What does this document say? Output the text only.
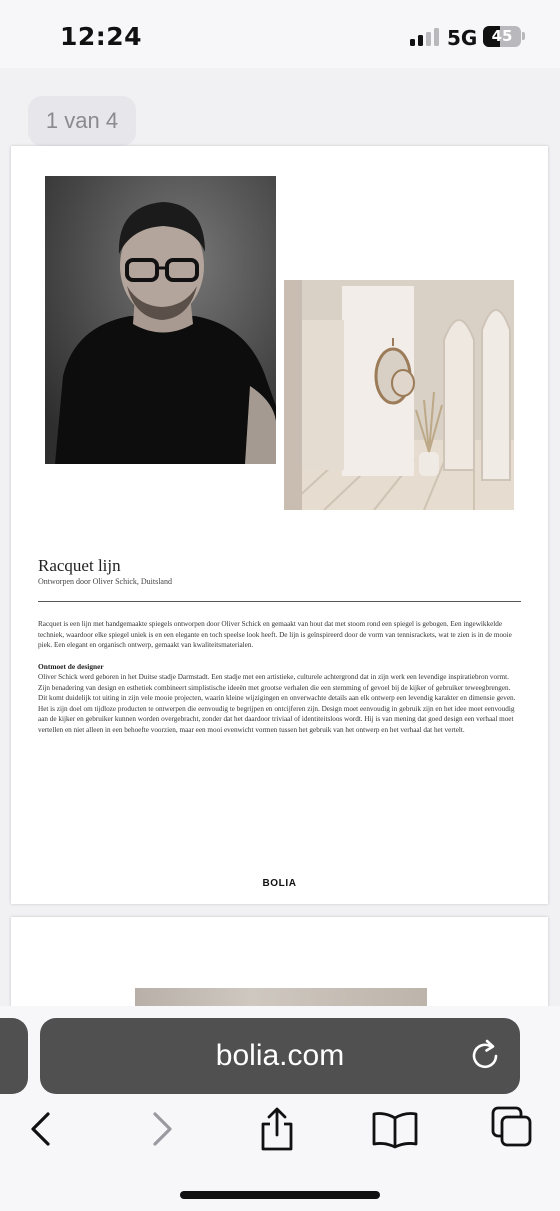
12:24	5G 45
1 van 4
Racquet lijn
Ontworpen door Oliver Schick, Duitsland
Racquet is een lijn met handgemaakte spiegels ontworpen door Oliver Schick en gemaakt van hout dat met stoom rond een spiegel is gebogen. Een ingewikkelde techniek, waardoor elke spiegel uniek is en een elegante en toch speelse look heeft. De lijn is geïnspireerd door de vorm van tennisrackets, wat te zien is in de mooie piek. Een elegant en organisch ontwerp, gemaakt van kwaliteitsmaterialen.
Ontmoet de designer
Oliver Schick werd geboren in het Duitse stadje Darmstadt. Een stadje met een artistieke, culturele achtergrond dat in zijn werk een levendige inspiratiebron vormt. Zijn benadering van design en esthetiek combineert simplistische ideeën met grootse verhalen die een stemming of gevoel bij de kijker of gebruiker teweegbrengen. Dit komt duidelijk tot uiting in zijn vele mooie projecten, waarin kleine wijzigingen en onverwachte details aan elk ontwerp een levendig karakter en dimensie geven. Het is zijn doel om tijdloze producten te ontwerpen die eenvoudig te begrijpen en ontcijferen zijn. Design moet eenvoudig in gebruik zijn en het idee moet eenvoudig aan de kijker en gebruiker kunnen worden overgebracht, zonder dat het daardoor triviaal of identiteitsloos wordt. Hij is van mening dat goed design een verhaal moet vertellen en niet alleen in een behoefte voorzien, maar een mooi evenwicht vormen tussen het gebruik van het ontwerp en het verhaal dat het vertelt.
BOLIA
bolia.com
